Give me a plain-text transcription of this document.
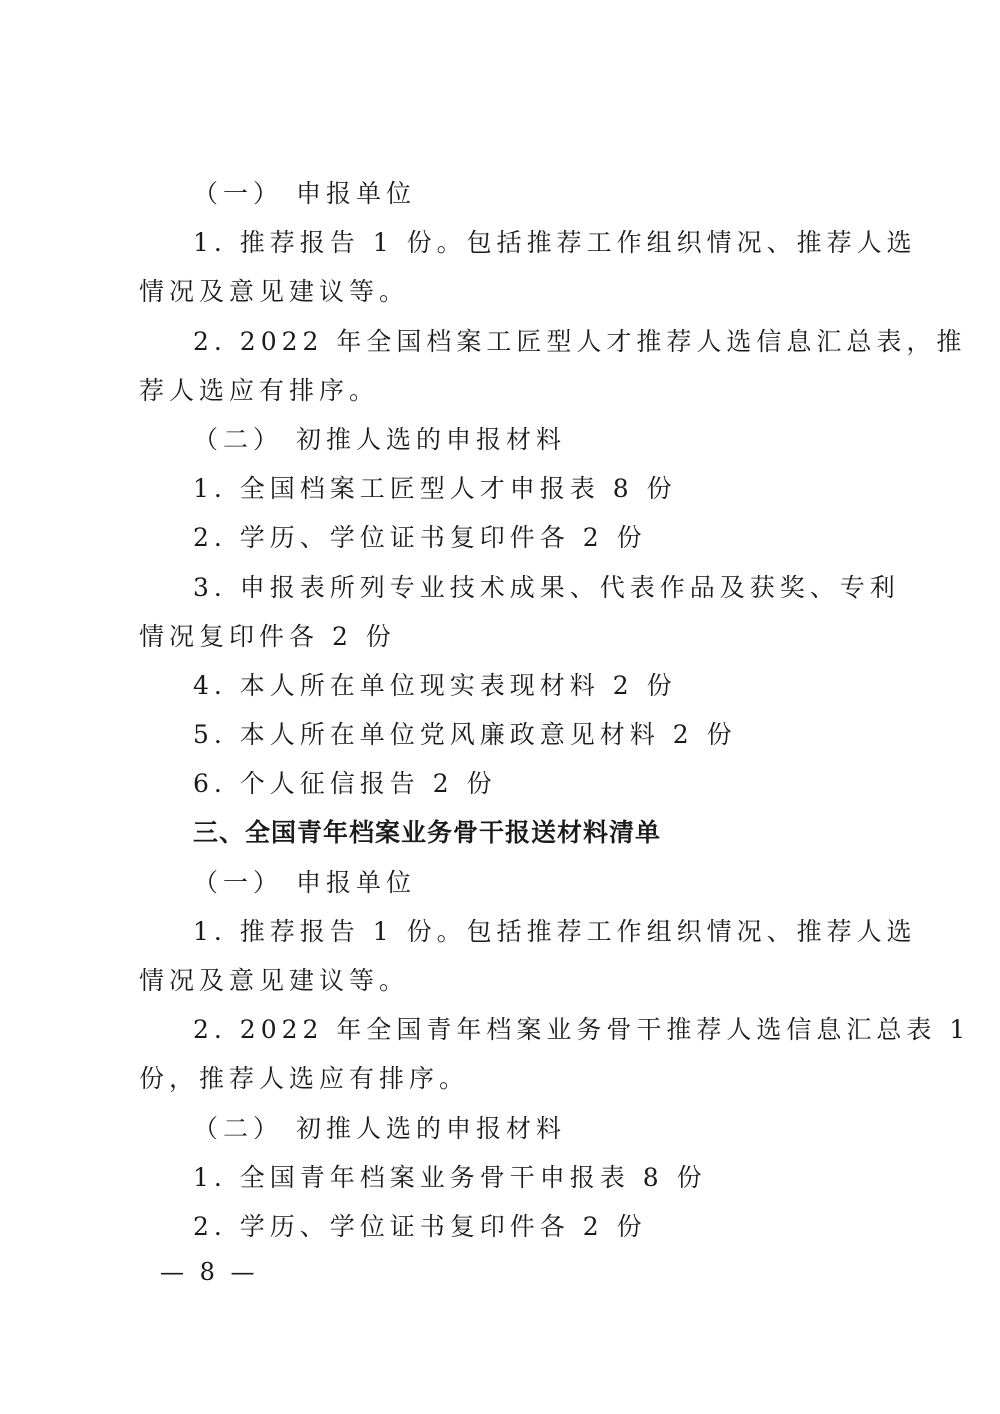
（一） 申报单位
1. 推荐报告 1 份。包括推荐工作组织情况、推荐人选
情况及意见建议等。
2. 2022 年全国档案工匠型人才推荐人选信息汇总表，推
荐人选应有排序。
（二） 初推人选的申报材料
1. 全国档案工匠型人才申报表 8 份
2. 学历、学位证书复印件各 2 份
3. 申报表所列专业技术成果、代表作品及获奖、专利
情况复印件各 2 份
4. 本人所在单位现实表现材料 2 份
5. 本人所在单位党风廉政意见材料 2 份
6. 个人征信报告 2 份
三、全国青年档案业务骨干报送材料清单
（一） 申报单位
1. 推荐报告 1 份。包括推荐工作组织情况、推荐人选
情况及意见建议等。
2. 2022 年全国青年档案业务骨干推荐人选信息汇总表 1
份，推荐人选应有排序。
（二） 初推人选的申报材料
1. 全国青年档案业务骨干申报表 8 份
2. 学历、学位证书复印件各 2 份
— 8 —
